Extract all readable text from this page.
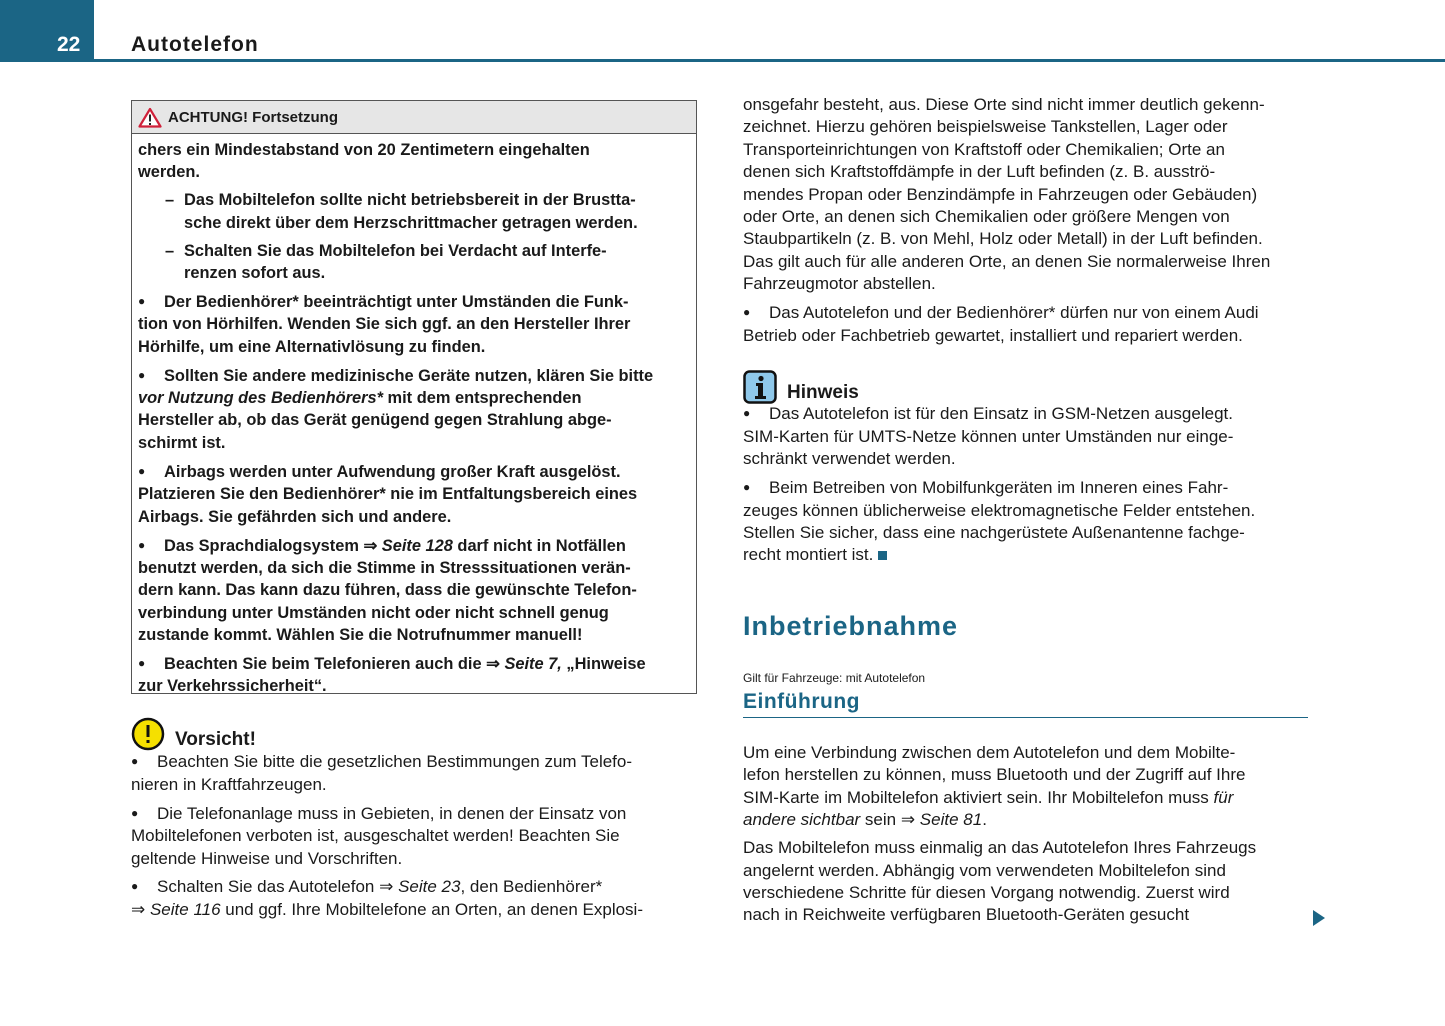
22 Autotelefon
ACHTUNG! Fortsetzung
chers ein Mindestabstand von 20 Zentimetern eingehalten
werden.
– Das Mobiltelefon sollte nicht betriebsbereit in der Brustta-
sche direkt über dem Herzschrittmacher getragen werden.
– Schalten Sie das Mobiltelefon bei Verdacht auf Interfe-
renzen sofort aus.
● Der Bedienhörer* beeinträchtigt unter Umständen die Funk-
tion von Hörhilfen. Wenden Sie sich ggf. an den Hersteller Ihrer
Hörhilfe, um eine Alternativlösung zu finden.
● Sollten Sie andere medizinische Geräte nutzen, klären Sie bitte
vor Nutzung des Bedienhörers* mit dem entsprechenden
Hersteller ab, ob das Gerät genügend gegen Strahlung abge-
schirmt ist.
● Airbags werden unter Aufwendung großer Kraft ausgelöst.
Platzieren Sie den Bedienhörer* nie im Entfaltungsbereich eines
Airbags. Sie gefährden sich und andere.
● Das Sprachdialogsystem ⇒ Seite 128 darf nicht in Notfällen
benutzt werden, da sich die Stimme in Stresssituationen verän-
dern kann. Das kann dazu führen, dass die gewünschte Telefon-
verbindung unter Umständen nicht oder nicht schnell genug
zustande kommt. Wählen Sie die Notrufnummer manuell!
● Beachten Sie beim Telefonieren auch die ⇒ Seite 7, „Hinweise
zur Verkehrssicherheit“.
Vorsicht!
● Beachten Sie bitte die gesetzlichen Bestimmungen zum Telefo-
nieren in Kraftfahrzeugen.
● Die Telefonanlage muss in Gebieten, in denen der Einsatz von
Mobiltelefonen verboten ist, ausgeschaltet werden! Beachten Sie
geltende Hinweise und Vorschriften.
● Schalten Sie das Autotelefon ⇒ Seite 23, den Bedienhörer*
⇒ Seite 116 und ggf. Ihre Mobiltelefone an Orten, an denen Explosi-
onsgefahr besteht, aus. Diese Orte sind nicht immer deutlich gekenn-
zeichnet. Hierzu gehören beispielsweise Tankstellen, Lager oder
Transporteinrichtungen von Kraftstoff oder Chemikalien; Orte an
denen sich Kraftstoffdämpfe in der Luft befinden (z. B. ausströ-
mendes Propan oder Benzindämpfe in Fahrzeugen oder Gebäuden)
oder Orte, an denen sich Chemikalien oder größere Mengen von
Staubpartikeln (z. B. von Mehl, Holz oder Metall) in der Luft befinden.
Das gilt auch für alle anderen Orte, an denen Sie normalerweise Ihren
Fahrzeugmotor abstellen.
● Das Autotelefon und der Bedienhörer* dürfen nur von einem Audi
Betrieb oder Fachbetrieb gewartet, installiert und repariert werden.
Hinweis
● Das Autotelefon ist für den Einsatz in GSM-Netzen ausgelegt.
SIM-Karten für UMTS-Netze können unter Umständen nur einge-
schränkt verwendet werden.
● Beim Betreiben von Mobilfunkgeräten im Inneren eines Fahr-
zeuges können üblicherweise elektromagnetische Felder entstehen.
Stellen Sie sicher, dass eine nachgerüstete Außenantenne fachge-
recht montiert ist.
Inbetriebnahme
Gilt für Fahrzeuge: mit Autotelefon
Einführung
Um eine Verbindung zwischen dem Autotelefon und dem Mobilte-
lefon herstellen zu können, muss Bluetooth und der Zugriff auf Ihre
SIM-Karte im Mobiltelefon aktiviert sein. Ihr Mobiltelefon muss für
andere sichtbar sein ⇒ Seite 81.
Das Mobiltelefon muss einmalig an das Autotelefon Ihres Fahrzeugs
angelernt werden. Abhängig vom verwendeten Mobiltelefon sind
verschiedene Schritte für diesen Vorgang notwendig. Zuerst wird
nach in Reichweite verfügbaren Bluetooth-Geräten gesucht
